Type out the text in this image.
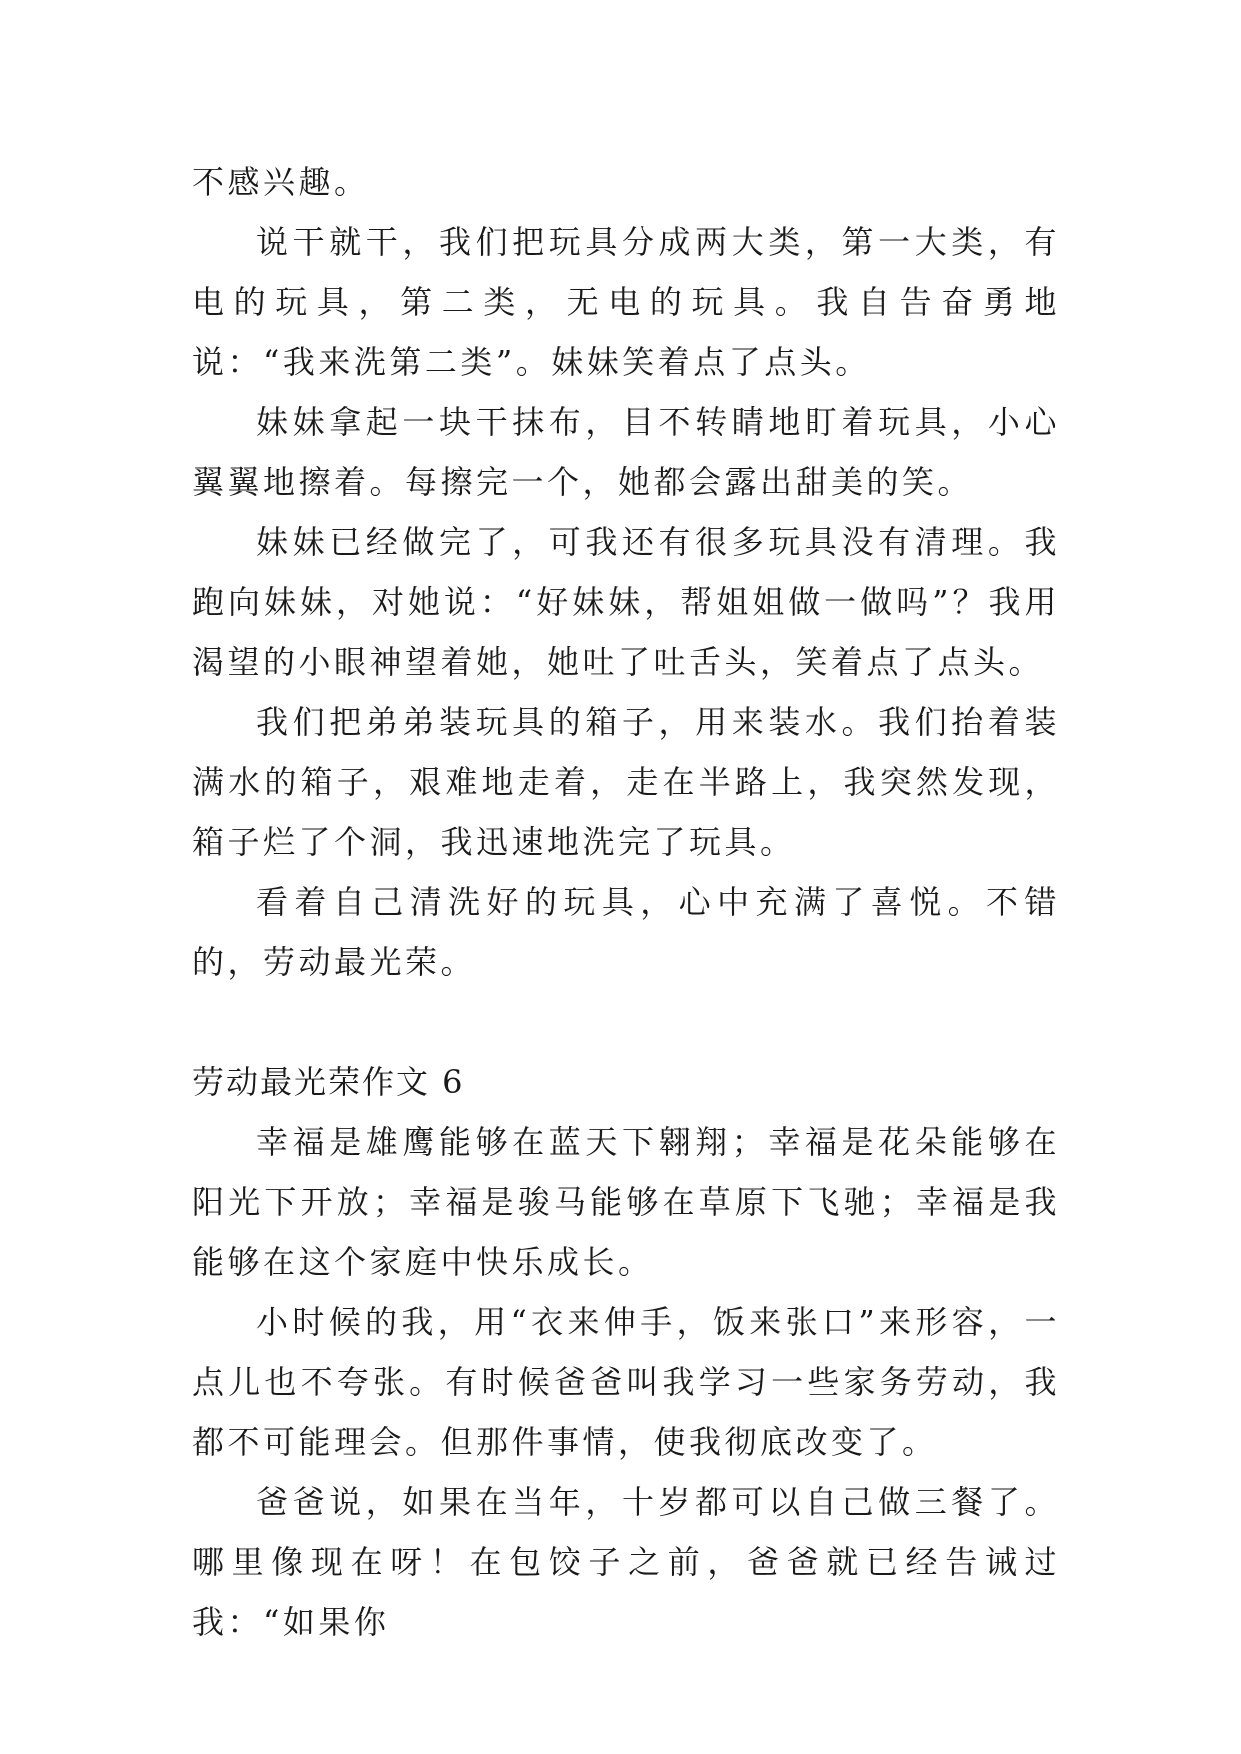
不感兴趣。

说干就干，我们把玩具分成两大类，第一大类，有电的玩具，第二类，无电的玩具。我自告奋勇地说：“我来洗第二类”。妹妹笑着点了点头。

妹妹拿起一块干抹布，目不转睛地盯着玩具，小心翼翼地擦着。每擦完一个，她都会露出甜美的笑。

妹妹已经做完了，可我还有很多玩具没有清理。我跑向妹妹，对她说：“好妹妹，帮姐姐做一做吗”？我用渴望的小眼神望着她，她吐了吐舌头，笑着点了点头。

我们把弟弟装玩具的箱子，用来装水。我们抬着装满水的箱子，艰难地走着，走在半路上，我突然发现，箱子烂了个洞，我迅速地洗完了玩具。

看着自己清洗好的玩具，心中充满了喜悦。不错的，劳动最光荣。

劳动最光荣作文 6

幸福是雄鹰能够在蓝天下翱翔；幸福是花朵能够在阳光下开放；幸福是骏马能够在草原下飞驰；幸福是我能够在这个家庭中快乐成长。

小时候的我，用“衣来伸手，饭来张口”来形容，一点儿也不夸张。有时候爸爸叫我学习一些家务劳动，我都不可能理会。但那件事情，使我彻底改变了。

爸爸说，如果在当年，十岁都可以自己做三餐了。哪里像现在呀！在包饺子之前，爸爸就已经告诫过我：“如果你
